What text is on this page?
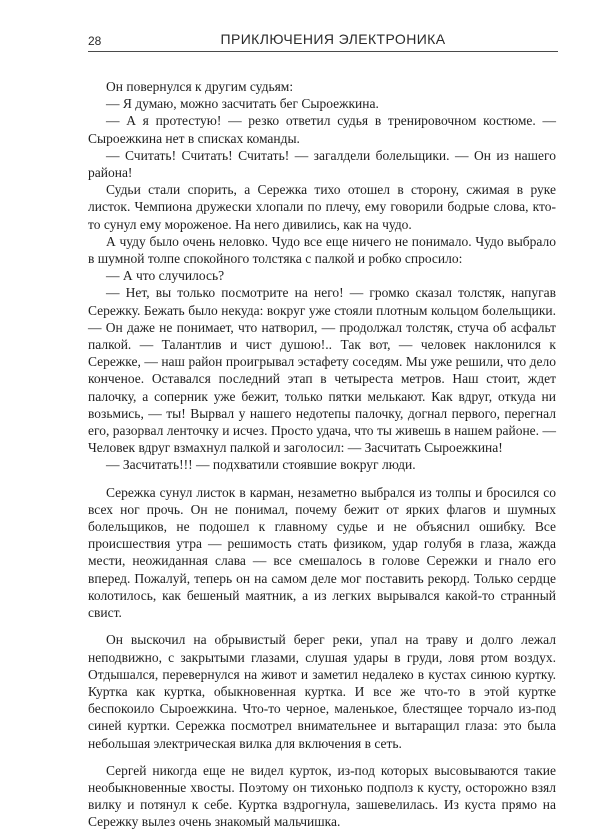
28	ПРИКЛЮЧЕНИЯ ЭЛЕКТРОНИКА

Он повернулся к другим судьям:

— Я думаю, можно засчитать бег Сыроежкина.

— А я протестую! — резко ответил судья в тренировочном костюме. — Сыроежкина нет в списках команды.

— Считать! Считать! Считать! — загалдели болельщики. — Он из нашего района!

Судьи стали спорить, а Сережка тихо отошел в сторону, сжимая в руке листок. Чемпиона дружески хлопали по плечу, ему говорили бодрые слова, кто-то сунул ему мороженое. На него дивились, как на чудо.

А чуду было очень неловко. Чудо все еще ничего не понимало. Чудо выбрало в шумной толпе спокойного толстяка с палкой и робко спросило:

— А что случилось?

— Нет, вы только посмотрите на него! — громко сказал толстяк, напугав Сережку. Бежать было некуда: вокруг уже стояли плотным кольцом болельщики. — Он даже не понимает, что натворил, — продолжал толстяк, стуча об асфальт палкой. — Талантлив и чист душою!.. Так вот, — человек наклонился к Сережке, — наш район проигрывал эстафету соседям. Мы уже решили, что дело конченое. Оставался последний этап в четыреста метров. Наш стоит, ждет палочку, а соперник уже бежит, только пятки мелькают. Как вдруг, откуда ни возьмись, — ты! Вырвал у нашего недотепы палочку, догнал первого, перегнал его, разорвал ленточку и исчез. Просто удача, что ты живешь в нашем районе. — Человек вдруг взмахнул палкой и заголосил: — Засчитать Сыроежкина!

— Засчитать!!! — подхватили стоявшие вокруг люди.

Сережка сунул листок в карман, незаметно выбрался из толпы и бросился со всех ног прочь. Он не понимал, почему бежит от ярких флагов и шумных болельщиков, не подошел к главному судье и не объяснил ошибку. Все происшествия утра — решимость стать физиком, удар голубя в глаза, жажда мести, неожиданная слава — все смешалось в голове Сережки и гнало его вперед. Пожалуй, теперь он на самом деле мог поставить рекорд. Только сердце колотилось, как бешеный маятник, а из легких вырывался какой-то странный свист.

Он выскочил на обрывистый берег реки, упал на траву и долго лежал неподвижно, с закрытыми глазами, слушая удары в груди, ловя ртом воздух. Отдышался, перевернулся на живот и заметил недалеко в кустах синюю куртку. Куртка как куртка, обыкновенная куртка. И все же что-то в этой куртке беспокоило Сыроежкина. Что-то черное, маленькое, блестящее торчало из-под синей куртки. Сережка посмотрел внимательнее и вытаращил глаза: это была небольшая электрическая вилка для включения в сеть.

Сергей никогда еще не видел курток, из-под которых высовываются такие необыкновенные хвосты. Поэтому он тихонько подполз к кусту, осторожно взял вилку и потянул к себе. Куртка вздрогнула, зашевелилась. Из куста прямо на Сережку вылез очень знакомый мальчишка.
